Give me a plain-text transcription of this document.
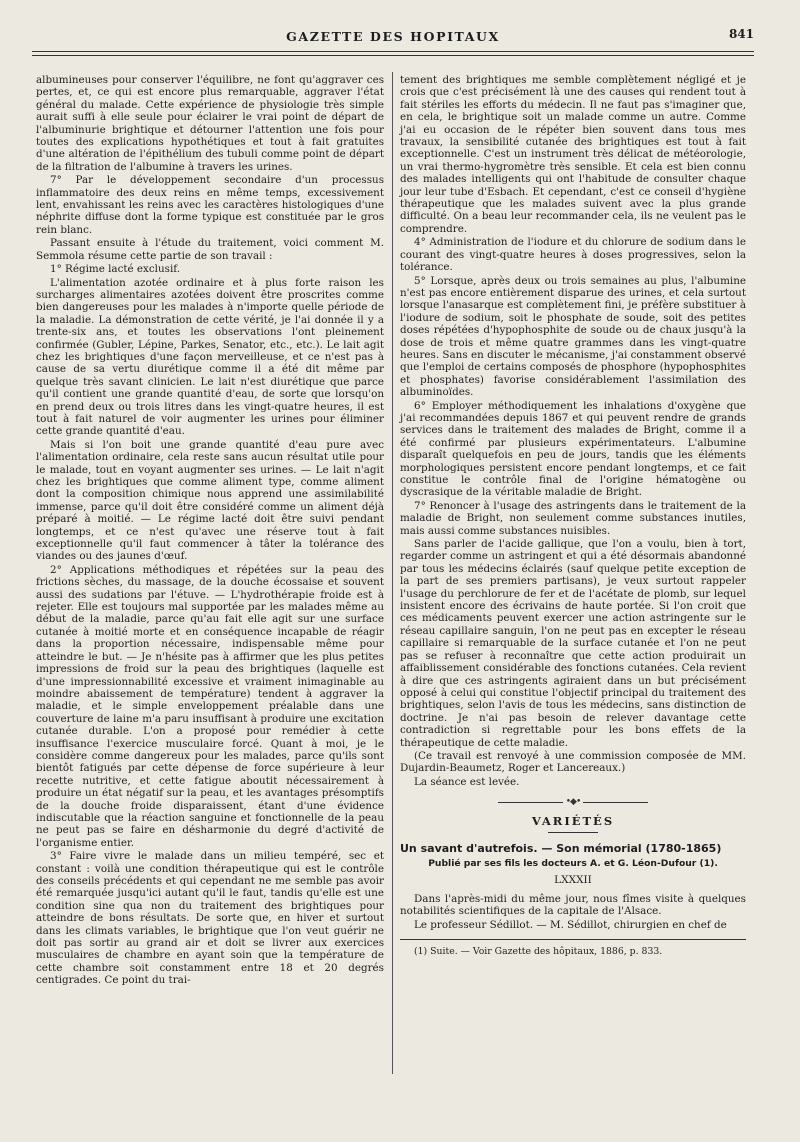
GAZETTE DES HOPITAUX	841

albumineuses pour conserver l'équilibre, ne font qu'aggraver ces pertes, et, ce qui est encore plus remarquable, aggraver l'état général du malade. Cette expérience de physiologie très simple aurait suffi à elle seule pour éclairer le vrai point de départ de l'albuminurie brightique et détourner l'attention une fois pour toutes des explications hypothétiques et tout à fait gratuites d'une altération de l'épithélium des tubuli comme point de départ de la filtration de l'albumine à travers les urines.

7° Par le développement secondaire d'un processus inflammatoire des deux reins en même temps, excessivement lent, envahissant les reins avec les caractères histologiques d'une néphrite diffuse dont la forme typique est constituée par le gros rein blanc.

Passant ensuite à l'étude du traitement, voici comment M. Semmola résume cette partie de son travail :

1° Régime lacté exclusif.

L'alimentation azotée ordinaire et à plus forte raison les surcharges alimentaires azotées doivent être proscrites comme bien dangereuses pour les malades à n'importe quelle période de la maladie. La démonstration de cette vérité, je l'ai donnée il y a trente-six ans, et toutes les observations l'ont pleinement confirmée (Gubler, Lépine, Parkes, Senator, etc., etc.). Le lait agit chez les brightiques d'une façon merveilleuse, et ce n'est pas à cause de sa vertu diurétique comme il a été dit même par quelque très savant clinicien. Le lait n'est diurétique que parce qu'il contient une grande quantité d'eau, de sorte que lorsqu'on en prend deux ou trois litres dans les vingt-quatre heures, il est tout à fait naturel de voir augmenter les urines pour éliminer cette grande quantité d'eau.

Mais si l'on boit une grande quantité d'eau pure avec l'alimentation ordinaire, cela reste sans aucun résultat utile pour le malade, tout en voyant augmenter ses urines. — Le lait n'agit chez les brightiques que comme aliment type, comme aliment dont la composition chimique nous apprend une assimilabilité immense, parce qu'il doit être considéré comme un aliment déjà préparé à moitié. — Le régime lacté doit être suivi pendant longtemps, et ce n'est qu'avec une réserve tout à fait exceptionnelle qu'il faut commencer à tâter la tolérance des viandes ou des jaunes d'œuf.

2° Applications méthodiques et répétées sur la peau des frictions sèches, du massage, de la douche écossaise et souvent aussi des sudations par l'étuve. — L'hydrothérapie froide est à rejeter. Elle est toujours mal supportée par les malades même au début de la maladie, parce qu'au fait elle agit sur une surface cutanée à moitié morte et en conséquence incapable de réagir dans la proportion nécessaire, indispensable même pour atteindre le but. — Je n'hésite pas à affirmer que les plus petites impressions de froid sur la peau des brightiques (laquelle est d'une impressionnabilité excessive et vraiment inimaginable au moindre abaissement de température) tendent à aggraver la maladie, et le simple enveloppement préalable dans une couverture de laine m'a paru insuffisant à produire une excitation cutanée durable. L'on a proposé pour remédier à cette insuffisance l'exercice musculaire forcé. Quant à moi, je le considère comme dangereux pour les malades, parce qu'ils sont bientôt fatigués par cette dépense de force supérieure à leur recette nutritive, et cette fatigue aboutit nécessairement à produire un état négatif sur la peau, et les avantages présomptifs de la douche froide disparaissent, étant d'une évidence indiscutable que la réaction sanguine et fonctionnelle de la peau ne peut pas se faire en désharmonie du degré d'activité de l'organisme entier.

3° Faire vivre le malade dans un milieu tempéré, sec et constant : voilà une condition thérapeutique qui est le contrôle des conseils précédents et qui cependant ne me semble pas avoir été remarquée jusqu'ici autant qu'il le faut, tandis qu'elle est une condition sine qua non du traitement des brightiques pour atteindre de bons résultats. De sorte que, en hiver et surtout dans les climats variables, le brightique que l'on veut guérir ne doit pas sortir au grand air et doit se livrer aux exercices musculaires de chambre en ayant soin que la température de cette chambre soit constamment entre 18 et 20 degrés centigrades. Ce point du trai-

tement des brightiques me semble complètement négligé et je crois que c'est précisément là une des causes qui rendent tout à fait stériles les efforts du médecin. Il ne faut pas s'imaginer que, en cela, le brightique soit un malade comme un autre. Comme j'ai eu occasion de le répéter bien souvent dans tous mes travaux, la sensibilité cutanée des brightiques est tout à fait exceptionnelle. C'est un instrument très délicat de météorologie, un vrai thermo-hygromètre très sensible. Et cela est bien connu des malades intelligents qui ont l'habitude de consulter chaque jour leur tube d'Esbach. Et cependant, c'est ce conseil d'hygiène thérapeutique que les malades suivent avec la plus grande difficulté. On a beau leur recommander cela, ils ne veulent pas le comprendre.

4° Administration de l'iodure et du chlorure de sodium dans le courant des vingt-quatre heures à doses progressives, selon la tolérance.

5° Lorsque, après deux ou trois semaines au plus, l'albumine n'est pas encore entièrement disparue des urines, et cela surtout lorsque l'anasarque est complètement fini, je préfère substituer à l'iodure de sodium, soit le phosphate de soude, soit des petites doses répétées d'hypophosphite de soude ou de chaux jusqu'à la dose de trois et même quatre grammes dans les vingt-quatre heures. Sans en discuter le mécanisme, j'ai constamment observé que l'emploi de certains composés de phosphore (hypophosphites et phosphates) favorise considérablement l'assimilation des albuminoïdes.

6° Employer méthodiquement les inhalations d'oxygène que j'ai recommandées depuis 1867 et qui peuvent rendre de grands services dans le traitement des malades de Bright, comme il a été confirmé par plusieurs expérimentateurs. L'albumine disparaît quelquefois en peu de jours, tandis que les éléments morphologiques persistent encore pendant longtemps, et ce fait constitue le contrôle final de l'origine hématogène ou dyscrasique de la véritable maladie de Bright.

7° Renoncer à l'usage des astringents dans le traitement de la maladie de Bright, non seulement comme substances inutiles, mais aussi comme substances nuisibles.

Sans parler de l'acide gallique, que l'on a voulu, bien à tort, regarder comme un astringent et qui a été désormais abandonné par tous les médecins éclairés (sauf quelque petite exception de la part de ses premiers partisans), je veux surtout rappeler l'usage du perchlorure de fer et de l'acétate de plomb, sur lequel insistent encore des écrivains de haute portée. Si l'on croit que ces médicaments peuvent exercer une action astringente sur le réseau capillaire sanguin, l'on ne peut pas en excepter le réseau capillaire si remarquable de la surface cutanée et l'on ne peut pas se refuser à reconnaître que cette action produirait un affaiblissement considérable des fonctions cutanées. Cela revient à dire que ces astringents agiraient dans un but précisément opposé à celui qui constitue l'objectif principal du traitement des brightiques, selon l'avis de tous les médecins, sans distinction de doctrine. Je n'ai pas besoin de relever davantage cette contradiction si regrettable pour les bons effets de la thérapeutique de cette maladie.

(Ce travail est renvoyé à une commission composée de MM. Dujardin-Beaumetz, Roger et Lancereaux.)

La séance est levée.

•◆•
VARIÉTÉS
Un savant d'autrefois. — Son mémorial (1780-1865)
Publié par ses fils les docteurs A. et G. Léon-Dufour (1).
LXXXII

Dans l'après-midi du même jour, nous fîmes visite à quelques notabilités scientifiques de la capitale de l'Alsace.

Le professeur Sédillot. — M. Sédillot, chirurgien en chef de

(1) Suite. — Voir Gazette des hôpitaux, 1886, p. 833.
